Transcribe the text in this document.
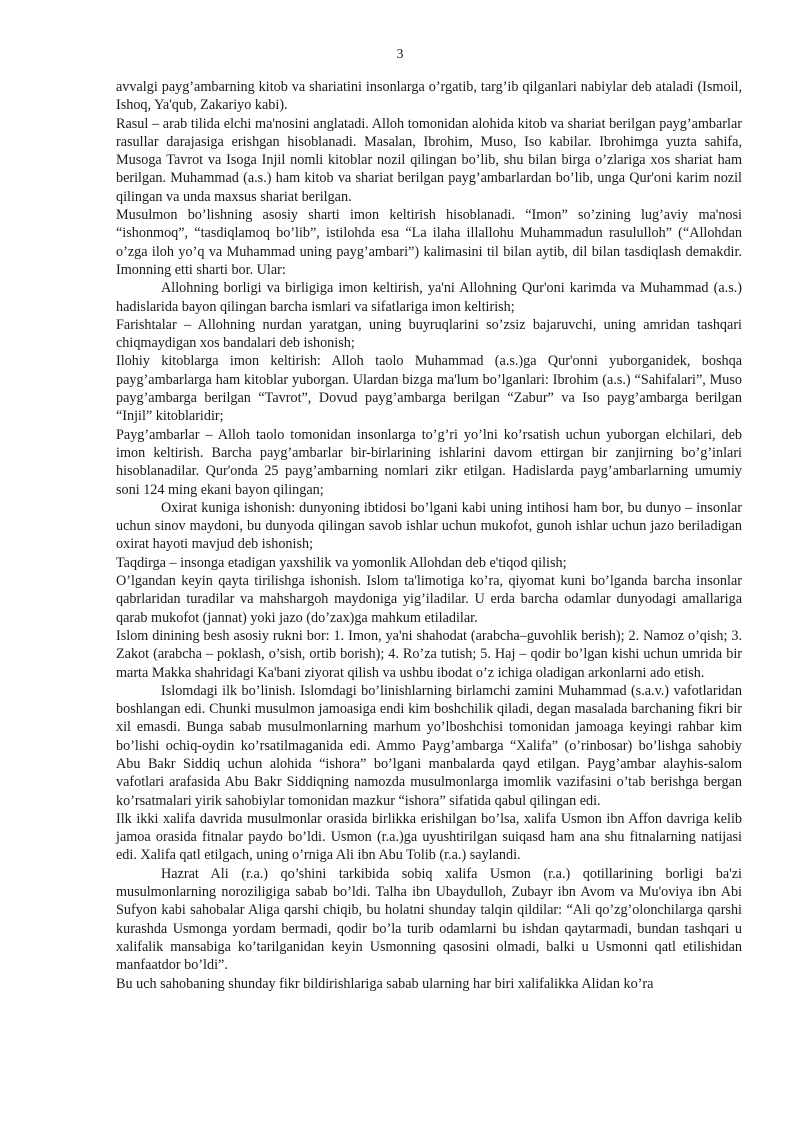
3

avvalgi payg’ambarning kitob va shariatini insonlarga o’rgatib, targ’ib qilganlari nabiylar deb ataladi (Ismoil, Ishoq, Ya'qub, Zakariyo kabi).

Rasul – arab tilida elchi ma'nosini anglatadi. Alloh tomonidan alohida kitob va shariat berilgan payg’ambarlar rasullar darajasiga erishgan hisoblanadi. Masalan, Ibrohim, Muso, Iso kabilar. Ibrohimga yuzta sahifa, Musoga Tavrot va Isoga Injil nomli kitoblar nozil qilingan bo’lib, shu bilan birga o’zlariga xos shariat ham berilgan. Muhammad (a.s.) ham kitob va shariat berilgan payg’ambarlardan bo’lib, unga Qur'oni karim nozil qilingan va unda maxsus shariat berilgan.

Musulmon bo’lishning asosiy sharti imon keltirish hisoblanadi. “Imon” so’zining lug’aviy ma'nosi “ishonmoq”, “tasdiqlamoq bo’lib”, istilohda esa “La ilaha illallohu Muhammadun rasululloh” (“Allohdan o’zga iloh yo’q va Muhammad uning payg’ambari”) kalimasini til bilan aytib, dil bilan tasdiqlash demakdir. Imonning etti sharti bor. Ular:

Allohning borligi va birligiga imon keltirish, ya'ni Allohning Qur'oni karimda va Muhammad (a.s.) hadislarida bayon qilingan barcha ismlari va sifatlariga imon keltirish;

Farishtalar – Allohning nurdan yaratgan, uning buyruqlarini so’zsiz bajaruvchi, uning amridan tashqari chiqmaydigan xos bandalari deb ishonish;

Ilohiy kitoblarga imon keltirish: Alloh taolo Muhammad (a.s.)ga Qur'onni yuborganidek, boshqa payg’ambarlarga ham kitoblar yuborgan. Ulardan bizga ma'lum bo’lganlari: Ibrohim (a.s.) “Sahifalari”, Muso payg’ambarga berilgan “Tavrot”, Dovud payg’ambarga berilgan “Zabur” va Iso payg’ambarga berilgan “Injil” kitoblaridir;

Payg’ambarlar – Alloh taolo tomonidan insonlarga to’g’ri yo’lni ko’rsatish uchun yuborgan elchilari, deb imon keltirish. Barcha payg’ambarlar bir-birlarining ishlarini davom ettirgan bir zanjirning bo’g’inlari hisoblanadilar. Qur'onda 25 payg’ambarning nomlari zikr etilgan. Hadislarda payg’ambarlarning umumiy soni 124 ming ekani bayon qilingan;

Oxirat kuniga ishonish: dunyoning ibtidosi bo’lgani kabi uning intihosi ham bor, bu dunyo – insonlar uchun sinov maydoni, bu dunyoda qilingan savob ishlar uchun mukofot, gunoh ishlar uchun jazo beriladigan oxirat hayoti mavjud deb ishonish;

Taqdirga – insonga etadigan yaxshilik va yomonlik Allohdan deb e'tiqod qilish;

O’lgandan keyin qayta tirilishga ishonish. Islom ta'limotiga ko’ra, qiyomat kuni bo’lganda barcha insonlar qabrlaridan turadilar va mahshargoh maydoniga yig’iladilar. U erda barcha odamlar dunyodagi amallariga qarab mukofot (jannat) yoki jazo (do’zax)ga mahkum etiladilar.

Islom dinining besh asosiy rukni bor: 1. Imon, ya'ni shahodat (arabcha–guvohlik berish); 2. Namoz o’qish; 3. Zakot (arabcha – poklash, o’sish, ortib borish); 4. Ro’za tutish; 5. Haj – qodir bo’lgan kishi uchun umrida bir marta Makka shahridagi Ka'bani ziyorat qilish va ushbu ibodat o’z ichiga oladigan arkonlarni ado etish.

Islomdagi ilk bo’linish. Islomdagi bo’linishlarning birlamchi zamini Muhammad (s.a.v.) vafotlaridan boshlangan edi. Chunki musulmon jamoasiga endi kim boshchilik qiladi, degan masalada barchaning fikri bir xil emasdi. Bunga sabab musulmonlarning marhum yo’lboshchisi tomonidan jamoaga keyingi rahbar kim bo’lishi ochiq-oydin ko’rsatilmaganida edi. Ammo Payg’ambarga “Xalifa” (o’rinbosar) bo’lishga sahobiy Abu Bakr Siddiq uchun alohida “ishora” bo’lgani manbalarda qayd etilgan. Payg’ambar alayhis-salom vafotlari arafasida Abu Bakr Siddiqning namozda musulmonlarga imomlik vazifasini o’tab berishga bergan ko’rsatmalari yirik sahobiylar tomonidan mazkur “ishora” sifatida qabul qilingan edi.

Ilk ikki xalifa davrida musulmonlar orasida birlikka erishilgan bo’lsa, xalifa Usmon ibn Affon davriga kelib jamoa orasida fitnalar paydo bo’ldi. Usmon (r.a.)ga uyushtirilgan suiqasd ham ana shu fitnalarning natijasi edi. Xalifa qatl etilgach, uning o’rniga Ali ibn Abu Tolib (r.a.) saylandi.

Hazrat Ali (r.a.) qo’shini tarkibida sobiq xalifa Usmon (r.a.) qotillarining borligi ba'zi musulmonlarning noroziligiga sabab bo’ldi. Talha ibn Ubaydulloh, Zubayr ibn Avom va Mu'oviya ibn Abi Sufyon kabi sahobalar Aliga qarshi chiqib, bu holatni shunday talqin qildilar: “Ali qo’zg’olonchilarga qarshi kurashda Usmonga yordam bermadi, qodir bo’la turib odamlarni bu ishdan qaytarmadi, bundan tashqari u xalifalik mansabiga ko’tarilganidan keyin Usmonning qasosini olmadi, balki u Usmonni qatl etilishidan manfaatdor bo’ldi”.

Bu uch sahobaning shunday fikr bildirishlariga sabab ularning har biri xalifalikka Alidan ko’ra
